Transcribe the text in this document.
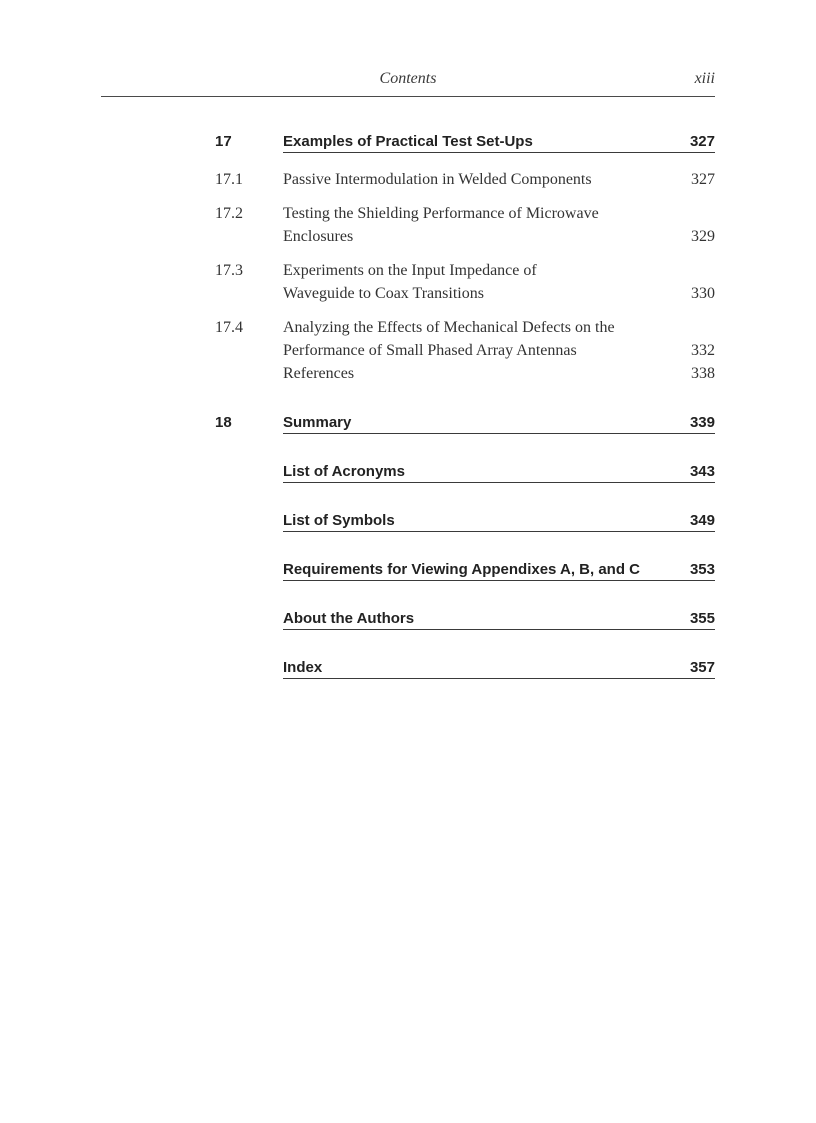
Contents	xiii
17	Examples of Practical Test Set-Ups	327
17.1	Passive Intermodulation in Welded Components	327
17.2	Testing the Shielding Performance of Microwave
Enclosures	329
17.3	Experiments on the Input Impedance of
Waveguide to Coax Transitions	330
17.4	Analyzing the Effects of Mechanical Defects on the
Performance of Small Phased Array Antennas	332
References	338
18	Summary	339
List of Acronyms	343
List of Symbols	349
Requirements for Viewing Appendixes A, B, and C	353
About the Authors	355
Index	357
